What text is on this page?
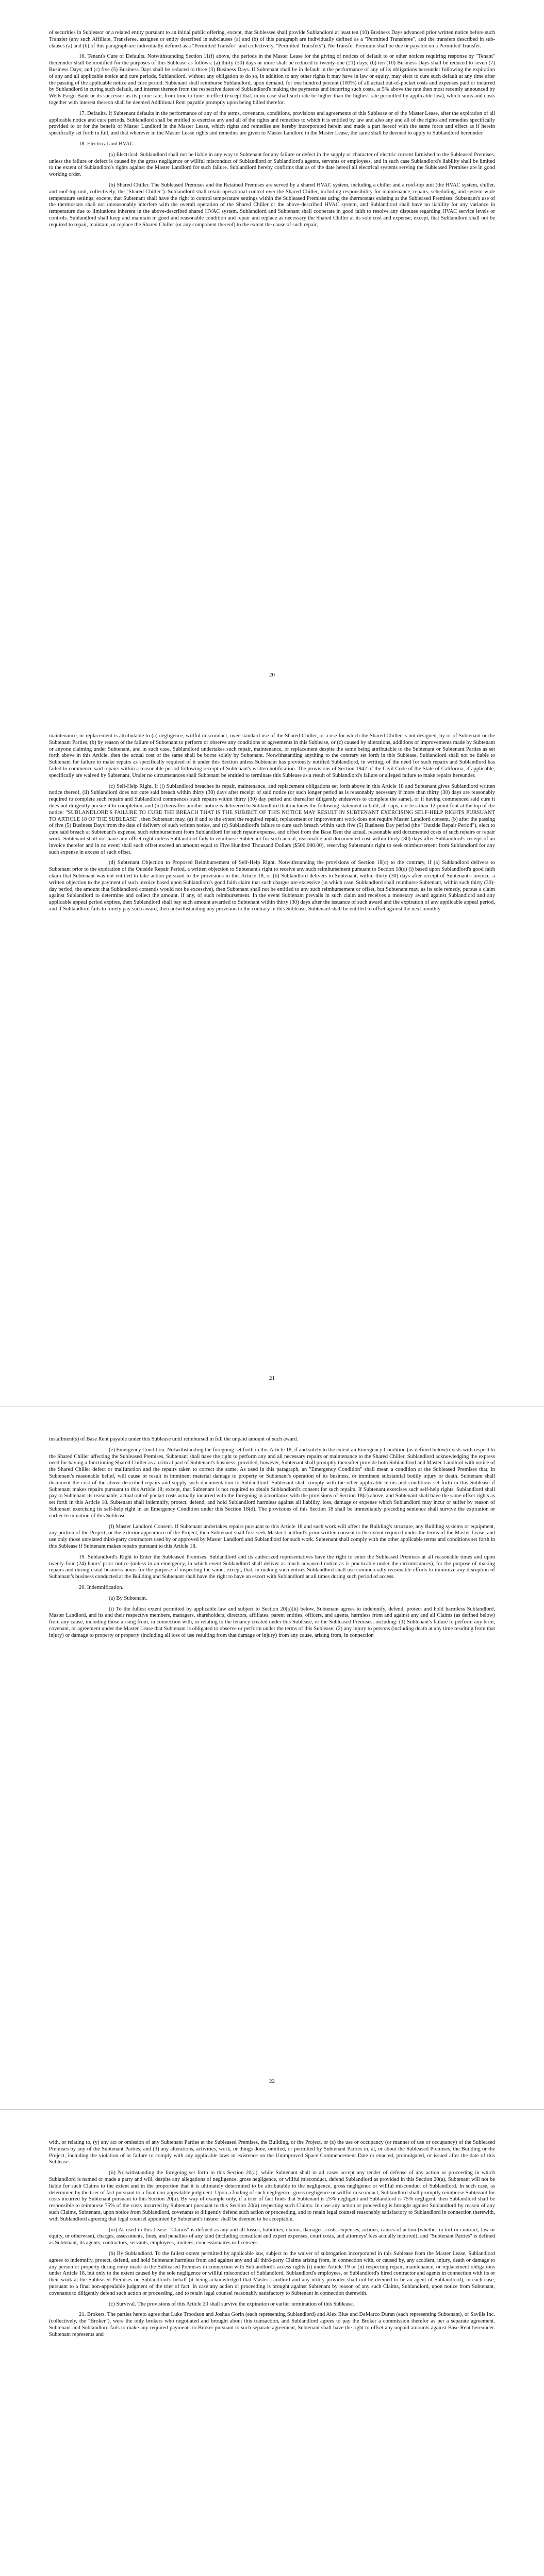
of securities in Sublessor or a related entity pursuant to an initial public offering, except, that Sublessee shall provide Sublandlord at least ten (10) Business Days advanced prior written notice before such Transfer (any such Affiliate, Transferee, assignee or entity described in subclauses (a) and (b) of this paragraph are individually defined as a "Permitted Transferee", and the transfers described in sub-clauses (a) and (b) of this paragraph are individually defined as a "Permitted Transfer" and collectively, "Permitted Transfers"). No Transfer Premium shall be due or payable on a Permitted Transfer.

16. Tenant's Cure of Defaults. Notwithstanding Section 11(f) above, the periods in the Master Lease for the giving of notices of default to or other notices requiring response by "Tenant" thereunder shall be modified for the purposes of this Sublease as follows: (a) thirty (30) days or more shall be reduced to twenty-one (21) days; (b) ten (10) Business Days shall be reduced to seven (7) Business Days; and (c) five (5) Business Days shall be reduced to three (3) Business Days. If Subtenant shall be in default in the performance of any of its obligations hereunder following the expiration of any and all applicable notice and cure periods, Sublandlord, without any obligation to do so, in addition to any other rights it may have in law or equity, may elect to cure such default at any time after the passing of the applicable notice and cure period. Subtenant shall reimburse Sublandlord, upon demand, for one hundred percent (100%) of all actual out-of-pocket costs and expenses paid or incurred by Sublandlord in curing such default, and interest thereon from the respective dates of Sublandlord's making the payments and incurring such costs, at 5% above the rate then most recently announced by Wells Fargo Bank or its successor as its prime rate, from time to time in effect (except that, in no case shall such rate be higher than the highest rate permitted by applicable law), which sums and costs together with interest thereon shall be deemed Additional Rent payable promptly upon being billed therefor.

17. Defaults. If Subtenant defaults in the performance of any of the terms, covenants, conditions, provisions and agreements of this Sublease or of the Master Lease, after the expiration of all applicable notice and cure periods, Sublandlord shall be entitled to exercise any and all of the rights and remedies to which it is entitled by law and also any and all of the rights and remedies specifically provided to or for the benefit of Master Landlord in the Master Lease, which rights and remedies are hereby incorporated herein and made a part hereof with the same force and effect as if herein specifically set forth in full, and that wherever in the Master Lease rights and remedies are given to Master Landlord in the Master Lease, the same shall be deemed to apply to Sublandlord hereunder.

18. Electrical and HVAC.

(a) Electrical. Sublandlord shall not be liable in any way to Subtenant for any failure or defect in the supply or character of electric current furnished to the Subleased Premises, unless the failure or defect is caused by the gross negligence or willful misconduct of Sublandlord or Sublandlord's agents, servants or employees, and in such case Sublandlord's liability shall be limited to the extent of Sublandlord's rights against the Master Landlord for such failure. Sublandlord hereby confirms that as of the date hereof all electrical systems serving the Subleased Premises are in good working order.

(b) Shared Chiller. The Subleased Premises and the Retained Premises are served by a shared HVAC system, including a chiller and a roof-top unit (the HVAC system, chiller, and roof-top unit, collectively, the "Shared Chiller"). Sublandlord shall retain operational control over the Shared Chiller, including responsibility for maintenance, repairs, scheduling, and system-wide temperature settings; except, that Subtenant shall have the right to control temperature settings within the Subleased Premises using the thermostats existing at the Subleased Premises. Subtenant's use of the thermostats shall not unreasonably interfere with the overall operation of the Shared Chiller or the above-described HVAC system, and Sublandlord shall have no liability for any variance in temperature due to limitations inherent in the above-described shared HVAC system. Sublandlord and Subtenant shall cooperate in good faith to resolve any disputes regarding HVAC service levels or controls. Sublandlord shall keep and maintain in good and reasonable condition and repair and replace as necessary the Shared Chiller at its sole cost and expense; except, that Sublandlord shall not be required to repair, maintain, or replace the Shared Chiller (or any component thereof) to the extent the cause of such repair,

20

maintenance, or replacement is attributable to (a) negligence, willful misconduct, over-standard use of the Shared Chiller, or a use for which the Shared Chiller is not designed, by or of Subtenant or the Subtenant Parties, (b) by reason of the failure of Subtenant to perform or observe any conditions or agreements in this Sublease, or (c) caused by alterations, additions or improvements made by Subtenant or anyone claiming under Subtenant, and in such case, Sublandlord undertakes such repair, maintenance, or replacement despite the same being attributable to the Subtenant or Subtenant Parties as set forth above in this Article, then the actual cost of the same shall be borne solely by Subtenant. Notwithstanding anything to the contrary set forth in this Sublease, Sublandlord shall not be liable to Subtenant for failure to make repairs as specifically required of it under this Section unless Subtenant has previously notified Sublandlord, in writing, of the need for such repairs and Sublandlord has failed to commence said repairs within a reasonable period following receipt of Subtenant's written notification. The provisions of Section 1942 of the Civil Code of the State of California, if applicable, specifically are waived by Subtenant. Under no circumstances shall Subtenant be entitled to terminate this Sublease as a result of Sublandlord's failure or alleged failure to make repairs hereunder.

(c) Self-Help Right. If (i) Sublandlord breaches its repair, maintenance, and replacement obligations set forth above in this Article 18 and Subtenant gives Sublandlord written notice thereof, (ii) Sublandlord does not cure said breach within thirty (30) days after receipt of said notice (or such longer period as is reasonably necessary if more than thirty (30) days are reasonably required to complete such repairs and Sublandlord commences such repairs within thirty (30) day period and thereafter diligently endeavors to complete the same), or if having commenced said cure it does not diligently pursue it to completion, and (iii) thereafter another notice is delivered to Sublandlord that includes the following statement in bold, all caps, not less than 12-point font at the top of the notice: "SUBLANDLORD'S FAILURE TO CURE THE BREACH THAT IS THE SUBJECT OF THIS NOTICE MAY RESULT IN SUBTENANT EXERCISING SELF-HELP RIGHTS PURSUANT TO ARTICLE 18 OF THE SUBLEASE", then Subtenant may, (a) if and to the extent the required repair, replacement or improvement work does not require Master Landlord consent, (b) after the passing of five (5) Business Days from the date of delivery of such written notice, and (c) Sublandlord's failure to cure such breach within such five (5) Business Day period (the "Outside Repair Period"), elect to cure said breach at Subtenant's expense, such reimbursement from Sublandlord for such repair expense, and offset from the Base Rent the actual, reasonable and documented costs of such repairs or repair work. Subtenant shall not have any offset right unless Sublandlord fails to reimburse Subtenant for such actual, reasonable and documented cost within thirty (30) days after Sublandlord's receipt of an invoice therefor and in no event shall such offset exceed an amount equal to Five Hundred Thousand Dollars ($500,000.00), reserving Subtenant's right to seek reimbursement from Sublandlord for any such expense in excess of such offset.

(d) Subtenant Objection to Proposed Reimbursement of Self-Help Right. Notwithstanding the provisions of Section 18(c) to the contrary, if (a) Sublandlord delivers to Subtenant prior to the expiration of the Outside Repair Period, a written objection to Subtenant's right to receive any such reimbursement pursuant to Section 18(c) (i) based upon Sublandlord's good faith claim that Subtenant was not entitled to take action pursuant to the provisions in this Article 18, or (b) Sublandlord delivers to Subtenant, within thirty (30) days after receipt of Subtenant's invoice, a written objection to the payment of such invoice based upon Sublandlord's good faith claim that such charges are excessive (in which case, Sublandlord shall reimburse Subtenant, within such thirty (30)-day period, the amount that Sublandlord contends would not be excessive), then Subtenant shall not be entitled to any such reimbursement or offset, but Subtenant may, as its sole remedy, pursue a claim against Sublandlord to determine and collect the amount, if any, of such reimbursement. In the event Subtenant prevails in such claim and receives a monetary award against Sublandlord and any applicable appeal period expires, then Sublandlord shall pay such amount awarded to Subtenant within thirty (30) days after the issuance of such award and the expiration of any applicable appeal period, and if Sublandlord fails to timely pay such award, then notwithstanding any provision to the contrary in this Sublease, Subtenant shall be entitled to offset against the next monthly

21

installment(s) of Base Rent payable under this Sublease until reimbursed in full the unpaid amount of such award.

(e) Emergency Condition. Notwithstanding the foregoing set forth in this Article 18, if and solely to the extent an Emergency Condition (as defined below) exists with respect to the Shared Chiller affecting the Subleased Premises, Subtenant shall have the right to perform any and all necessary repairs or maintenance to the Shared Chiller, Sublandlord acknowledging the express need for having a functioning Shared Chiller as a critical part of Subtenant's business; provided, however, Subtenant shall promptly thereafter provide both Sublandlord and Master Landlord with notice of the Shared Chiller defect or malfunction and the repairs taken to correct the same. As used in this paragraph, an "Emergency Condition" shall mean a condition at the Subleased Premises that, in Subtenant's reasonable belief, will cause or result in imminent material damage to property or Subtenant's operation of its business, or imminent substantial bodily injury or death. Subtenant shall document the cost of the above-described repairs and supply such documentation to Sublandlord. Subtenant shall comply with the other applicable terms and conditions set forth in this Sublease if Subtenant makes repairs pursuant to this Article 18; except, that Subtenant is not required to obtain Sublandlord's consent for such repairs. If Subtenant exercises such self-help rights, Sublandlord shall pay to Subtenant its reasonable, actual out-of-pocket costs actually incurred with the foregoing in accordance with the provisions of Section 18(c) above, and Subtenant shall have the same offset rights as set forth in this Article 18. Subtenant shall indemnify, protect, defend, and hold Sublandlord harmless against all liability, loss, damage or expense which Sublandlord may incur or suffer by reason of Subtenant exercising its self-help right in an Emergency Condition under this Section 18(d). The provisions of this Section 18 shall be immediately preceding sentence shall survive the expiration or earlier termination of this Sublease.

(f) Master Landlord Consent. If Subtenant undertakes repairs pursuant to this Article 18 and such work will affect the Building's structure, any Building systems or equipment, any portion of the Project, or the exterior appearance of the Project, then Subtenant shall first seek Master Landlord's prior written consent to the extent required under the terms of the Master Lease, and use only those unrelated third-party contractors used by or approved by Master Landlord and Sublandlord for such work. Subtenant shall comply with the other applicable terms and conditions set forth in this Sublease if Subtenant makes repairs pursuant to this Article 18.

19. Sublandlord's Right to Enter the Subleased Premises. Sublandlord and its authorized representatives have the right to enter the Subleased Premises at all reasonable times and upon twenty-four (24) hours' prior notice (unless in an emergency, in which event Sublandlord shall deliver as much advanced notice as is practicable under the circumstances), for the purpose of making repairs and during usual business hours for the purpose of inspecting the same; except, that, in making such entries Sublandlord shall use commercially reasonable efforts to minimize any disruption of Subtenant's business conducted at the Building and Subtenant shall have the right to have an escort with Sublandlord at all times during such period of access.

20. Indemnification.

(a) By Subtenant.

(i) To the fullest extent permitted by applicable law and subject to Section 20(a)(ii) below, Subtenant agrees to indemnify, defend, protect and hold harmless Sublandlord, Master Landlord, and its and their respective members, managers, shareholders, directors, affiliates, parent entities, officers, and agents, harmless from and against any and all Claims (as defined below) from any cause, including those arising from, in connection with, or relating to the tenancy created under this Sublease, or the Subleased Premises, including: (1) Subtenant's failure to perform any term, covenant, or agreement under the Master Lease that Subtenant is obligated to observe or perform under the terms of this Sublease; (2) any injury to persons (including death at any time resulting from that injury) or damage to property or property (including all loss of use resulting from that damage or injury) from any cause, arising from, in connection

22

with, or relating to, (y) any act or omission of any Subtenant Parties at the Subleased Premises, the Building, or the Project, or (z) the use or occupancy (or manner of use or occupancy) of the Subleased Premises by any of the Subtenant Parties; and (3) any alterations, activities, work, or things done, omitted, or permitted by Subtenant Parties in, at, or about the Subleased Premises, the Building or the Project, including the violation of or failure to comply with any applicable laws in existence on the Unimproved Space Commencement Date or enacted, promulgated, or issued after the date of this Sublease.

(ii) Notwithstanding the foregoing set forth in this Section 20(a), while Subtenant shall in all cases accept any tender of defense of any action or proceeding in which Sublandlord is named or made a party and will, despite any allegations of negligence, gross negligence, or willful misconduct, defend Sublandlord as provided in this Section 20(a), Subtenant will not be liable for such Claims to the extent and in the proportion that it is ultimately determined to be attributable to the negligence, gross negligence or willful misconduct of Sublandlord. In such case, as determined by the trier of fact pursuant to a final non-appealable judgment. Upon a finding of such negligence, gross negligence or willful misconduct, Sublandlord shall promptly reimburse Subtenant for costs incurred by Subtenant pursuant to this Section 20(a). By way of example only, if a trier of fact finds that Subtenant is 25% negligent and Sublandlord is 75% negligent, then Sublandlord shall be responsible to reimburse 75% of the costs incurred by Subtenant pursuant to this Section 20(a) respecting such Claims. In case any action or proceeding is brought against Sublandlord by reason of any such Claims, Subtenant, upon notice from Sublandlord, covenants to diligently defend such action or proceeding, and to retain legal counsel reasonably satisfactory to Sublandlord in connection therewith, with Sublandlord agreeing that legal counsel appointed by Subtenant's insurer shall be deemed to be acceptable.

(iii) As used in this Lease: "Claims" is defined as any and all losses, liabilities, claims, damages, costs, expenses, actions, causes of action (whether in tort or contract, law or equity, or otherwise), charges, assessments, fines, and penalties of any kind (including consultant and expert expenses, court costs, and attorneys' fees actually incurred); and "Subtenant Parties" is defined as Subtenant, its agents, contractors, servants, employees, invitees, concessionaires or licensees.

(b) By Sublandlord. To the fullest extent permitted by applicable law, subject to the waiver of subrogation incorporated in this Sublease from the Master Lease, Sublandlord agrees to indemnify, protect, defend, and hold Subtenant harmless from and against any and all third-party Claims arising from, in connection with, or caused by, any accident, injury, death or damage to any person or property during entry made to the Subleased Premises in connection with Sublandlord's access rights (i) under Article 19 or (ii) respecting repair, maintenance, or replacement obligations under Article 18, but only to the extent caused by the sole negligence or willful misconduct of Sublandlord, Sublandlord's employees, or Sublandlord's hired contractor and agents in connection with its or their work at the Subleased Premises on Sublandlord's behalf (it being acknowledged that Master Landlord and any utility provider shall not be deemed to be an agent of Sublandlord), in each case, pursuant to a final non-appealable judgment of the trier of fact. In case any action or proceeding is brought against Subtenant by reason of any such Claims, Sublandlord, upon notice from Subtenant, covenants to diligently defend such action or proceeding, and to retain legal counsel reasonably satisfactory to Subtenant in connection therewith.

(c) Survival. The provisions of this Article 20 shall survive the expiration or earlier termination of this Sublease.

21. Brokers. The parties hereto agree that Luke Troodson and Joshua Gorin (each representing Sublandlord) and Alex Blue and DeMarco Duran (each representing Subtenant), of Savills Inc. (collectively, the "Broker"), were the only brokers who negotiated and brought about this transaction, and Sublandlord agrees to pay the Broker a commission therefor as per a separate agreement. Subtenant and Sublandlord fails to make any required payments to Broker pursuant to such separate agreement, Subtenant shall have the right to offset any unpaid amounts against Base Rent hereunder. Subtenant represents and
